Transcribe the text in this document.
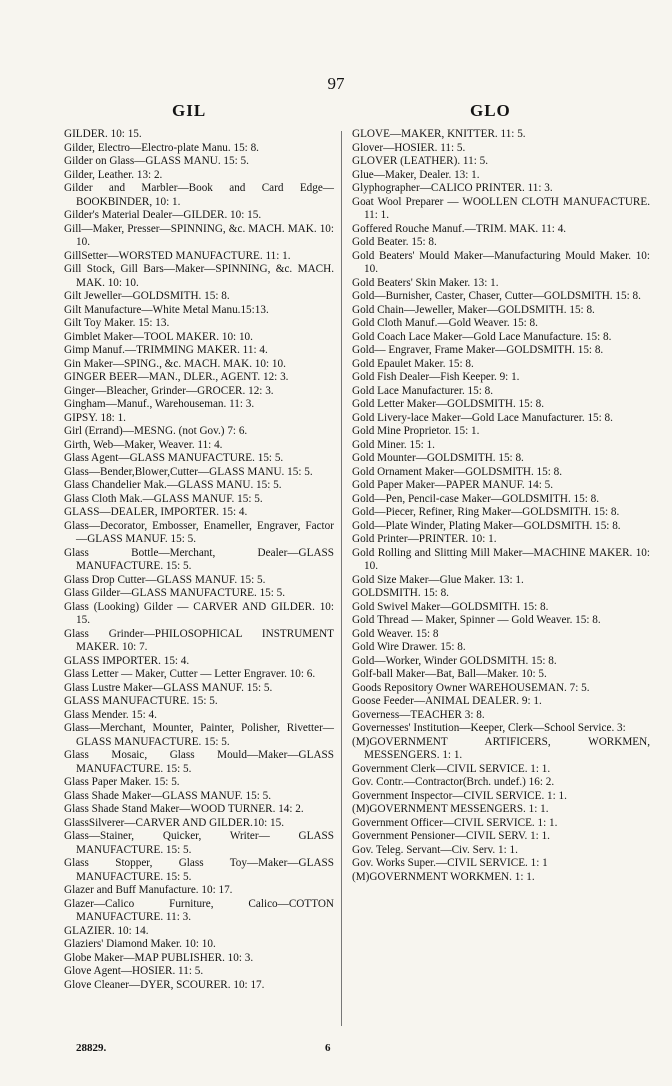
97
GIL	GLO
GILDER. 10: 15.
Gilder, Electro—Electro-plate Manu. 15: 8.
Gilder on Glass—GLASS MANU. 15: 5.
Gilder, Leather. 13: 2.
Gilder and Marbler—Book and Card Edge—BOOKBINDER, 10: 1.
Gilder's Material Dealer—GILDER. 10: 15.
Gill—Maker, Presser—SPINNING, &c. MACH. MAK. 10: 10.
GillSetter—WORSTED MANUFACTURE. 11: 1.
Gill Stock, Gill Bars—Maker—SPINNING, &c. MACH. MAK. 10: 10.
Gilt Jeweller—GOLDSMITH. 15: 8.
Gilt Manufacture—White Metal Manu.15:13.
Gilt Toy Maker. 15: 13.
Gimblet Maker—TOOL MAKER. 10: 10.
Gimp Manuf.—TRIMMING MAKER. 11: 4.
Gin Maker—SPING., &c. MACH. MAK. 10: 10.
GINGER BEER—MAN., DLER., AGENT. 12: 3.
Ginger—Bleacher, Grinder—GROCER. 12: 3.
Gingham—Manuf., Warehouseman. 11: 3.
GIPSY. 18: 1.
Girl (Errand)—MESNG. (not Gov.) 7: 6.
Girth, Web—Maker, Weaver. 11: 4.
Glass Agent—GLASS MANUFACTURE. 15: 5.
Glass—Bender,Blower,Cutter—GLASS MANU. 15: 5.
Glass Chandelier Mak.—GLASS MANU. 15: 5.
Glass Cloth Mak.—GLASS MANUF. 15: 5.
GLASS—DEALER, IMPORTER. 15: 4.
Glass—Decorator, Embosser, Enameller, Engraver, Factor—GLASS MANUF. 15: 5.
Glass Bottle—Merchant, Dealer—GLASS MANUFACTURE. 15: 5.
Glass Drop Cutter—GLASS MANUF. 15: 5.
Glass Gilder—GLASS MANUFACTURE. 15: 5.
Glass (Looking) Gilder — CARVER AND GILDER. 10: 15.
Glass Grinder—PHILOSOPHICAL INSTRUMENT MAKER. 10: 7.
GLASS IMPORTER. 15: 4.
Glass Letter — Maker, Cutter — Letter Engraver. 10: 6.
Glass Lustre Maker—GLASS MANUF. 15: 5.
GLASS MANUFACTURE. 15: 5.
Glass Mender. 15: 4.
Glass—Merchant, Mounter, Painter, Polisher, Rivetter—GLASS MANUFACTURE. 15: 5.
Glass Mosaic, Glass Mould—Maker—GLASS MANUFACTURE. 15: 5.
Glass Paper Maker. 15: 5.
Glass Shade Maker—GLASS MANUF. 15: 5.
Glass Shade Stand Maker—WOOD TURNER. 14: 2.
GlassSilverer—CARVER AND GILDER.10: 15.
Glass—Stainer, Quicker, Writer— GLASS MANUFACTURE. 15: 5.
Glass Stopper, Glass Toy—Maker—GLASS MANUFACTURE. 15: 5.
Glazer and Buff Manufacture. 10: 17.
Glazer—Calico Furniture, Calico—COTTON MANUFACTURE. 11: 3.
GLAZIER. 10: 14.
Glaziers' Diamond Maker. 10: 10.
Globe Maker—MAP PUBLISHER. 10: 3.
Glove Agent—HOSIER. 11: 5.
Glove Cleaner—DYER, SCOURER. 10: 17.
GLOVE—MAKER, KNITTER. 11: 5.
Glover—HOSIER. 11: 5.
GLOVER (LEATHER). 11: 5.
Glue—Maker, Dealer. 13: 1.
Glyphographer—CALICO PRINTER. 11: 3.
Goat Wool Preparer — WOOLLEN CLOTH MANUFACTURE. 11: 1.
Goffered Rouche Manuf.—TRIM. MAK. 11: 4.
Gold Beater. 15: 8.
Gold Beaters' Mould Maker—Manufacturing Mould Maker. 10: 10.
Gold Beaters' Skin Maker. 13: 1.
Gold—Burnisher, Caster, Chaser, Cutter—GOLDSMITH. 15: 8.
Gold Chain—Jeweller, Maker—GOLDSMITH. 15: 8.
Gold Cloth Manuf.—Gold Weaver. 15: 8.
Gold Coach Lace Maker—Gold Lace Manufacture. 15: 8.
Gold— Engraver, Frame Maker—GOLDSMITH. 15: 8.
Gold Epaulet Maker. 15: 8.
Gold Fish Dealer—Fish Keeper. 9: 1.
Gold Lace Manufacturer. 15: 8.
Gold Letter Maker—GOLDSMITH. 15: 8.
Gold Livery-lace Maker—Gold Lace Manufacturer. 15: 8.
Gold Mine Proprietor. 15: 1.
Gold Miner. 15: 1.
Gold Mounter—GOLDSMITH. 15: 8.
Gold Ornament Maker—GOLDSMITH. 15: 8.
Gold Paper Maker—PAPER MANUF. 14: 5.
Gold—Pen, Pencil-case Maker—GOLDSMITH. 15: 8.
Gold—Piecer, Refiner, Ring Maker—GOLDSMITH. 15: 8.
Gold—Plate Winder, Plating Maker—GOLDSMITH. 15: 8.
Gold Printer—PRINTER. 10: 1.
Gold Rolling and Slitting Mill Maker—MACHINE MAKER. 10: 10.
Gold Size Maker—Glue Maker. 13: 1.
GOLDSMITH. 15: 8.
Gold Swivel Maker—GOLDSMITH. 15: 8.
Gold Thread — Maker, Spinner — Gold Weaver. 15: 8.
Gold Weaver. 15: 8
Gold Wire Drawer. 15: 8.
Gold—Worker, Winder GOLDSMITH. 15: 8.
Golf-ball Maker—Bat, Ball—Maker. 10: 5.
Goods Repository Owner WAREHOUSEMAN. 7: 5.
Goose Feeder—ANIMAL DEALER. 9: 1.
Governess—TEACHER 3: 8.
Governesses' Institution—Keeper, Clerk—School Service. 3:
(M)GOVERNMENT ARTIFICERS, WORKMEN, MESSENGERS. 1: 1.
Government Clerk—CIVIL SERVICE. 1: 1.
Gov. Contr.—Contractor(Brch. undef.) 16: 2.
Government Inspector—CIVIL SERVICE. 1: 1.
(M)GOVERNMENT MESSENGERS. 1: 1.
Government Officer—CIVIL SERVICE. 1: 1.
Government Pensioner—CIVIL SERV. 1: 1.
Gov. Teleg. Servant—Civ. Serv. 1: 1.
Gov. Works Super.—CIVIL SERVICE. 1: 1
(M)GOVERNMENT WORKMEN. 1: 1.
28829.	6
